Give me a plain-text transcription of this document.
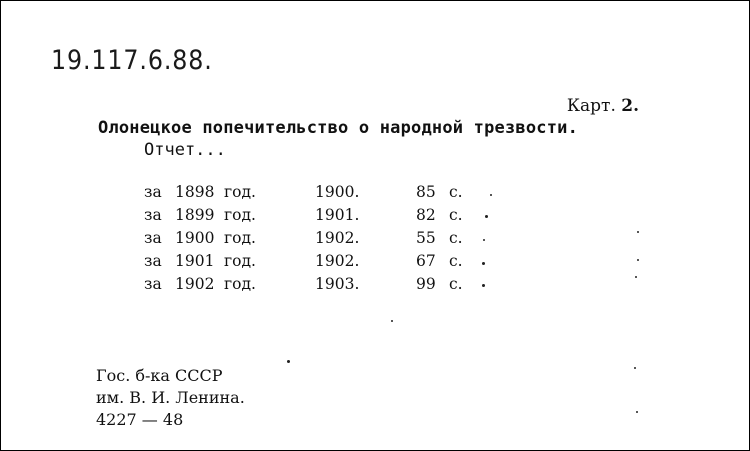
19.117.6.88.
Карт. 2.
Олонецкое попечительство о народной трезвости.
Отчет...
за 1898 год.	1900.	85 с.
за 1899 год.	1901.	82 с.
за 1900 год.	1902.	55 с.
за 1901 год.	1902.	67 с.
за 1902 год.	1903.	99 с.
Гос. б-ка СССР
им. В. И. Ленина.
4227 — 48
